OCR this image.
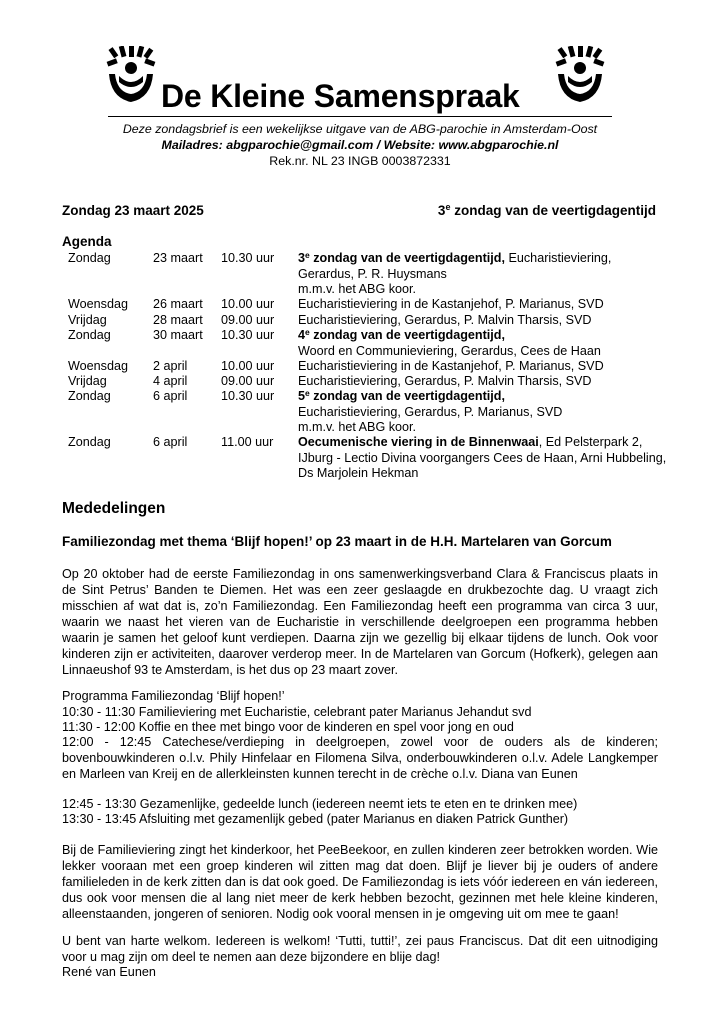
De Kleine Samenspraak
Deze zondagsbrief is een wekelijkse uitgave van de ABG-parochie in Amsterdam-Oost
Mailadres: abgparochie@gmail.com / Website: www.abgparochie.nl
Rek.nr. NL 23 INGB 0003872331
Zondag 23 maart 2025	3e zondag van de veertigdagentijd
Agenda
Zondag	23 maart 10.30 uur 3e zondag van de veertigdagentijd, Eucharistieviering, Gerardus, P. R. Huysmans
m.m.v. het ABG koor.
Woensdag 26 maart 10.00 uur Eucharistieviering in de Kastanjehof, P. Marianus, SVD
Vrijdag	28 maart 09.00 uur Eucharistieviering, Gerardus, P. Malvin Tharsis, SVD
Zondag	30 maart 10.30 uur 4e zondag van de veertigdagentijd,
Woord en Communieviering, Gerardus, Cees de Haan
Woensdag 2 april	10.00 uur Eucharistieviering in de Kastanjehof, P. Marianus, SVD
Vrijdag	4 april	09.00 uur Eucharistieviering, Gerardus, P. Malvin Tharsis, SVD
Zondag	6 april	10.30 uur 5e zondag van de veertigdagentijd,
Eucharistieviering, Gerardus, P. Marianus, SVD
m.m.v. het ABG koor.
Zondag	6 april	11.00 uur Oecumenische viering in de Binnenwaai, Ed Pelsterpark 2, IJburg - Lectio Divina voorgangers Cees de Haan, Arni Hubbeling, Ds Marjolein Hekman
Mededelingen
Familiezondag met thema ‘Blijf hopen!’ op 23 maart in de H.H. Martelaren van Gorcum
Op 20 oktober had de eerste Familiezondag in ons samenwerkingsverband Clara & Franciscus plaats in de Sint Petrus’ Banden te Diemen. Het was een zeer geslaagde en drukbezochte dag. U vraagt zich misschien af wat dat is, zo’n Familiezondag. Een Familiezondag heeft een programma van circa 3 uur, waarin we naast het vieren van de Eucharistie in verschillende deelgroepen een programma hebben waarin je samen het geloof kunt verdiepen. Daarna zijn we gezellig bij elkaar tijdens de lunch. Ook voor kinderen zijn er activiteiten, daarover verderop meer. In de Martelaren van Gorcum (Hofkerk), gelegen aan Linnaeushof 93 te Amsterdam, is het dus op 23 maart zover.
Programma Familiezondag ‘Blijf hopen!’
10:30 - 11:30 Familieviering met Eucharistie, celebrant pater Marianus Jehandut svd
11:30 - 12:00 Koffie en thee met bingo voor de kinderen en spel voor jong en oud
12:00 - 12:45 Catechese/verdieping in deelgroepen, zowel voor de ouders als de kinderen; bovenbouwkinderen o.l.v. Phily Hinfelaar en Filomena Silva, onderbouwkinderen o.l.v. Adele Langkemper en Marleen van Kreij en de allerkleinsten kunnen terecht in de crèche o.l.v. Diana van Eunen
12:45 - 13:30 Gezamenlijke, gedeelde lunch (iedereen neemt iets te eten en te drinken mee)
13:30 - 13:45 Afsluiting met gezamenlijk gebed (pater Marianus en diaken Patrick Gunther)
Bij de Familieviering zingt het kinderkoor, het PeeBeekoor, en zullen kinderen zeer betrokken worden. Wie lekker vooraan met een groep kinderen wil zitten mag dat doen. Blijf je liever bij je ouders of andere familieleden in de kerk zitten dan is dat ook goed. De Familiezondag is iets vóór iedereen en ván iedereen, dus ook voor mensen die al lang niet meer de kerk hebben bezocht, gezinnen met hele kleine kinderen, alleenstaanden, jongeren of senioren. Nodig ook vooral mensen in je omgeving uit om mee te gaan!
U bent van harte welkom. Iedereen is welkom! ‘Tutti, tutti!’, zei paus Franciscus. Dat dit een uitnodiging voor u mag zijn om deel te nemen aan deze bijzondere en blije dag!
René van Eunen
